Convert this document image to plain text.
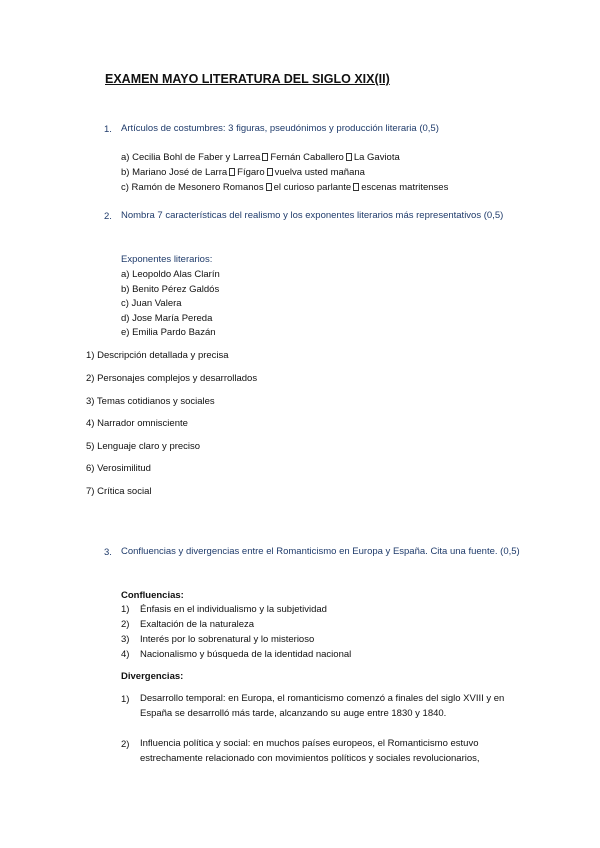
EXAMEN MAYO LITERATURA DEL SIGLO XIX(II)
1. Artículos de costumbres: 3 figuras, pseudónimos y producción literaria (0,5)
a) Cecilia Bohl de Faber y Larrea Fernán Caballero La Gaviota
b) Mariano José de Larra Fígaro vuelva usted mañana
c) Ramón de Mesonero Romanos el curioso parlante escenas matritenses
2. Nombra 7 características del realismo y los exponentes literarios más representativos (0,5)
Exponentes literarios:
a) Leopoldo Alas Clarín
b) Benito Pérez Galdós
c) Juan Valera
d) Jose María Pereda
e) Emilia Pardo Bazán
1) Descripción detallada y precisa
2) Personajes complejos y desarrollados
3) Temas cotidianos y sociales
4) Narrador omnisciente
5) Lenguaje claro y preciso
6) Verosimilitud
7) Crítica social
3. Confluencias y divergencias entre el Romanticismo en Europa y España. Cita una fuente. (0,5)
Confluencias:
1) Énfasis en el individualismo y la subjetividad
2) Exaltación de la naturaleza
3) Interés por lo sobrenatural y lo misterioso
4) Nacionalismo y búsqueda de la identidad nacional
Divergencias:
1) Desarrollo temporal: en Europa, el romanticismo comenzó a finales del siglo XVIII y en España se desarrolló más tarde, alcanzando su auge entre 1830 y 1840.
2) Influencia política y social: en muchos países europeos, el Romanticismo estuvo estrechamente relacionado con movimientos políticos y sociales revolucionarios,
